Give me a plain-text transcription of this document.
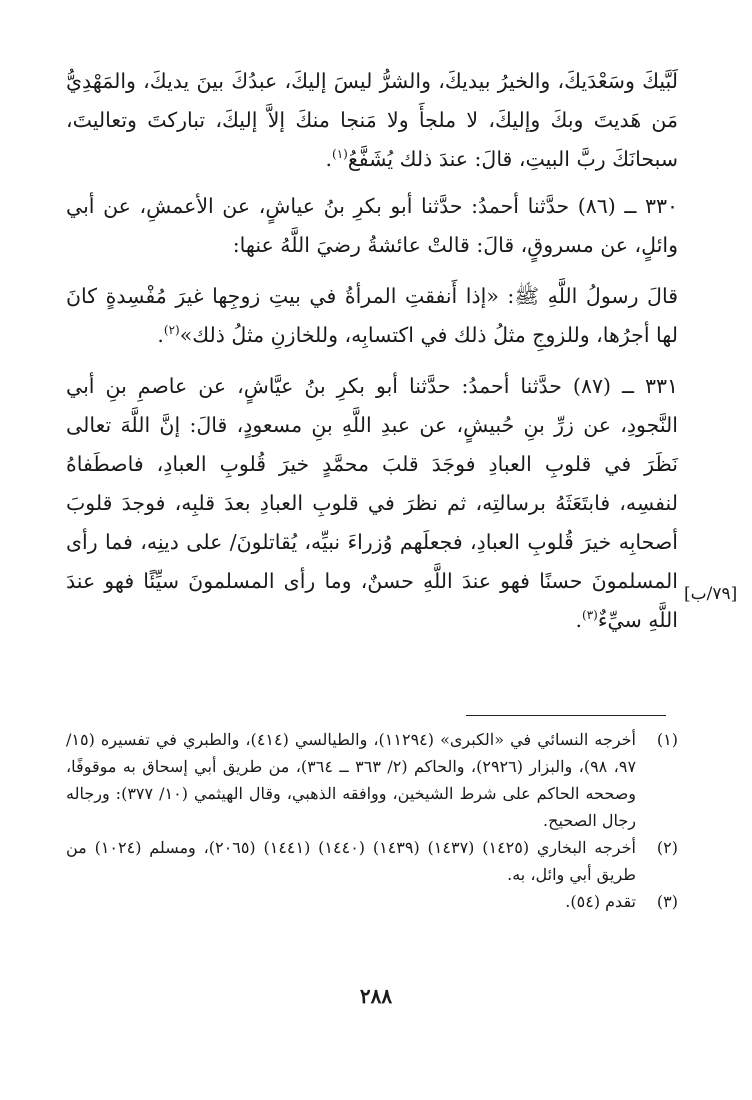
لَبَّيكَ وسَعْدَيكَ، والخيرُ بيديكَ، والشرُّ ليسَ إليكَ، عبدُكَ بينَ يديكَ، والمَهْدِيُّ مَن هَديتَ وبكَ وإليكَ، لا ملجأَ ولا مَنجا منكَ إلاَّ إليكَ، تباركتَ وتعاليتَ، سبحانَكَ ربَّ البيتِ، قالَ: عندَ ذلك يُشَفَّعُ$^{(١)}$.

٣٣٠ ــ (٨٦) حدَّثنا أحمدُ: حدَّثنا أبو بكرِ بنُ عياشٍ، عن الأعمشِ، عن أبي وائلٍ، عن مسروقٍ، قالَ: قالتْ عائشةُ رضيَ اللَّهُ عنها:

قالَ رسولُ اللَّهِ ﷺ: «إذا أَنفقتِ المرأةُ في بيتِ زوجِها غيرَ مُفْسِدةٍ كانَ لها أجرُها، وللزوجِ مثلُ ذلك في اكتسابِه، وللخازنِ مثلُ ذلك»$^{(٢)}$.

٣٣١ ــ (٨٧) حدَّثنا أحمدُ: حدَّثنا أبو بكرِ بنُ عيَّاشٍ، عن عاصمِ بنِ أبي النَّجودِ، عن زرِّ بنِ حُبيشٍ، عن عبدِ اللَّهِ بنِ مسعودٍ، قالَ: إنَّ اللَّهَ تعالى نَظَرَ في قلوبِ العبادِ فوجَدَ قلبَ محمَّدٍ خيرَ قُلوبِ العبادِ، فاصطَفاهُ لنفسِه، فابتَعَثَهُ برسالتِه، ثم نظرَ في قلوبِ العبادِ بعدَ قلبِه، فوجدَ قلوبَ أصحابِه خيرَ قُلوبِ العبادِ، فجعلَهم وُزراءَ نبيِّه، يُقاتلونَ/ على دينِه، فما رأى المسلمونَ حسنًا فهو عندَ اللَّهِ حسنٌ، وما رأى المسلمونَ سيِّئًا فهو عندَ اللَّهِ سيِّءٌ$^{(٣)}$.

[٧٩/ب]

(١)
أخرجه النسائي في «الكبرى» (١١٢٩٤)، والطيالسي (٤١٤)، والطبري في تفسيره (١٥/ ٩٧، ٩٨)، والبزار (٢٩٢٦)، والحاكم (٢/ ٣٦٣ ــ ٣٦٤)، من طريق أبي إسحاق به موقوفًا، وصححه الحاكم على شرط الشيخين، ووافقه الذهبي، وقال الهيثمي (١٠/ ٣٧٧): ورجاله رجال الصحيح.

(٢)
أخرجه البخاري (١٤٢٥) (١٤٣٧) (١٤٣٩) (١٤٤٠) (١٤٤١) (٢٠٦٥)، ومسلم (١٠٢٤) من طريق أبي وائل، به.

(٣)
تقدم (٥٤).

٢٨٨
